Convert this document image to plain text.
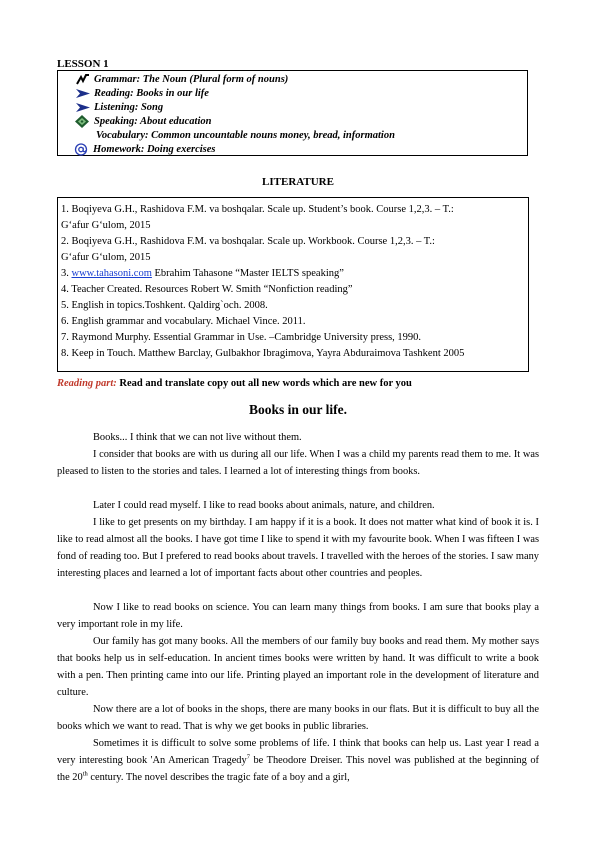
LESSON 1
Grammar: The Noun (Plural form of nouns)
Reading: Books in our life
Listening: Song
Speaking: About education
Vocabulary: Common uncountable nouns money, bread, information
Homework: Doing exercises
LITERATURE
1. Boqiyeva G.H., Rashidova F.M. va boshqalar. Scale up. Student’s book. Course 1,2,3. – T.:
G‘afur G‘ulom, 2015
2. Boqiyeva G.H., Rashidova F.M. va boshqalar. Scale up. Workbook. Course 1,2,3. – T.:
G‘afur G‘ulom, 2015
3. www.tahasoni.com Ebrahim Tahasone “Master IELTS speaking”
4. Teacher Created. Resources Robert W. Smith “Nonfiction reading”
5. English in topics.Toshkent. Qaldirg`och. 2008.
6. English grammar and vocabulary. Michael Vince. 2011.
7. Raymond Murphy. Essential Grammar in Use. –Cambridge University press, 1990.
8. Keep in Touch. Matthew Barclay, Gulbakhor Ibragimova, Yayra Abduraimova Tashkent 2005
Reading part: Read and translate copy out all new words which are new for you
Books in our life.
Books... I think that we can not live without them.
I consider that books are with us during all our life. When I was a child my parents read them to me. It was pleased to listen to the stories and tales. I learned a lot of interesting things from books.
Later I could read myself. I like to read books about animals, nature, and children.
I like to get presents on my birthday. I am happy if it is a book. It does not matter what kind of book it is. I like to read almost all the books. I have got time I like to spend it with my favourite book. When I was fifteen I was fond of reading too. But I prefered to read books about travels. I travelled with the heroes of the stories. I saw many interesting places and learned a lot of important facts about other countries and peoples.
Now I like to read books on science. You can learn many things from books. I am sure that books play a very important role in my life.
Our family has got many books. All the members of our family buy books and read them. My mother says that books help us in self-education. In ancient times books were written by hand. It was difficult to write a book with a pen. Then printing came into our life. Printing played an important role in the development of literature and culture.
Now there are a lot of books in the shops, there are many books in our flats. But it is difficult to buy all the books which we want to read. That is why we get books in public libraries.
Sometimes it is difficult to solve some problems of life. I think that books can help us. Last year I read a very interesting book 'An American Tragedy$^7$ be Theodore Dreiser. This novel was published at the beginning of the 20th century. The novel describes the tragic fate of a boy and a girl,
